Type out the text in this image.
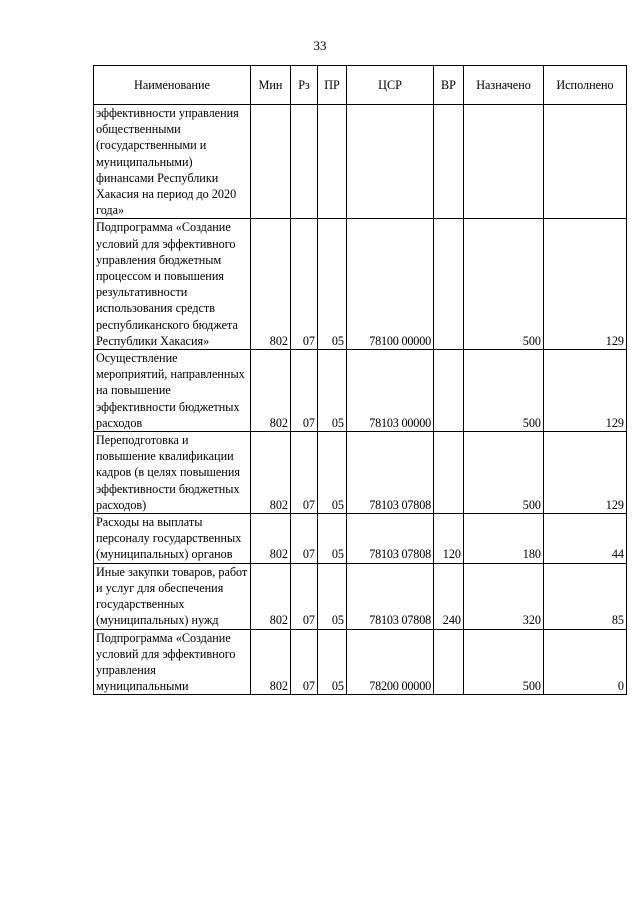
33
Наименование	Мин	Рз	ПР	ЦСР	ВР	Назначено	Исполнено
эффективности управления общественными (государственными и муниципальными) финансами Республики Хакасия на период до 2020 года»							
Подпрограмма «Создание условий для эффективного управления бюджетным процессом и повышения результативности использования средств республиканского бюджета Республики Хакасия»	802	07	05	78100 00000		500	129
Осуществление мероприятий, направленных на повышение эффективности бюджетных расходов	802	07	05	78103 00000		500	129
Переподготовка и повышение квалификации кадров (в целях повышения эффективности бюджетных расходов)	802	07	05	78103 07808		500	129
Расходы на выплаты персоналу государственных (муниципальных) органов	802	07	05	78103 07808	120	180	44
Иные закупки товаров, работ и услуг для обеспечения государственных (муниципальных) нужд	802	07	05	78103 07808	240	320	85
Подпрограмма «Создание условий для эффективного управления муниципальными	802	07	05	78200 00000		500	0
